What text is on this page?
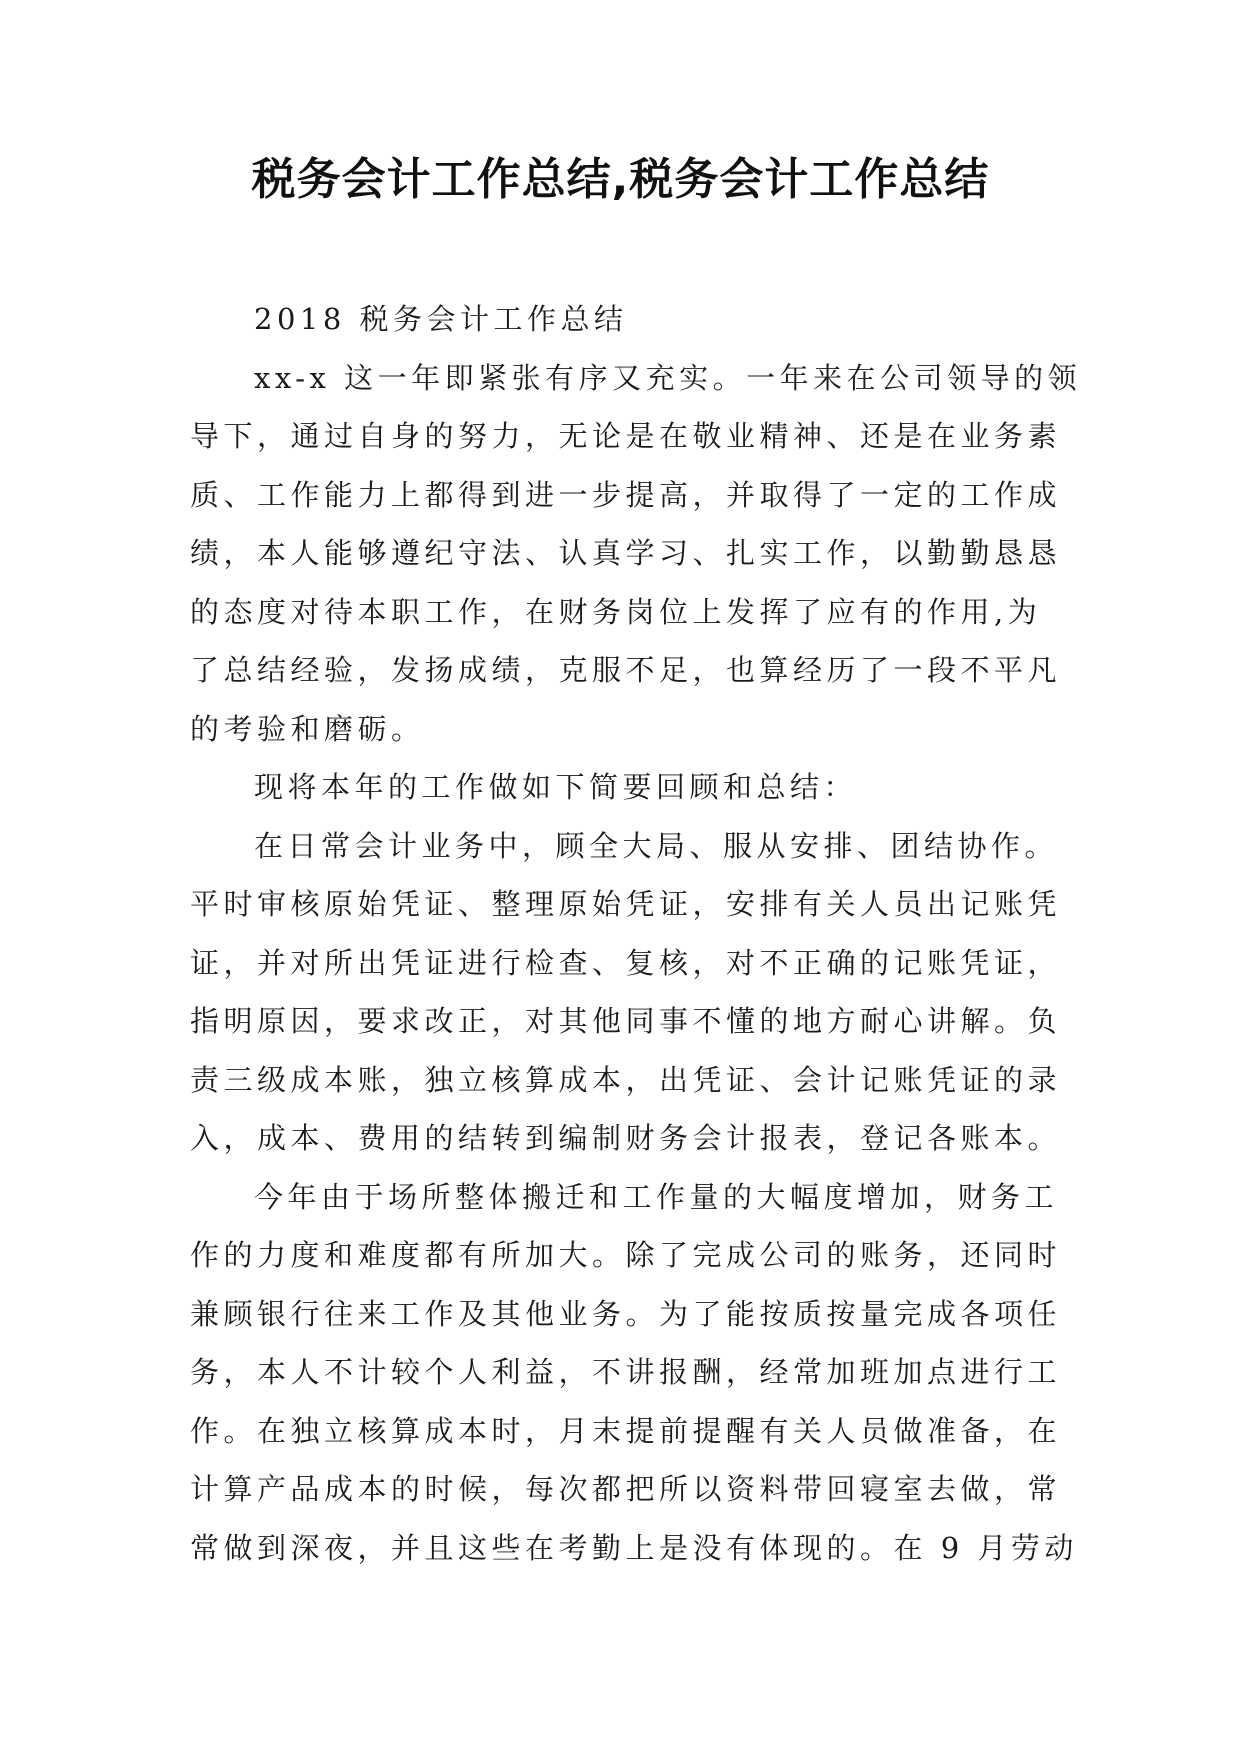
税务会计工作总结,税务会计工作总结
2018 税务会计工作总结
xx-x 这一年即紧张有序又充实。一年来在公司领导的领
导下，通过自身的努力，无论是在敬业精神、还是在业务素
质、工作能力上都得到进一步提高，并取得了一定的工作成
绩，本人能够遵纪守法、认真学习、扎实工作，以勤勤恳恳
的态度对待本职工作，在财务岗位上发挥了应有的作用,为
了总结经验，发扬成绩，克服不足，也算经历了一段不平凡
的考验和磨砺。
现将本年的工作做如下简要回顾和总结：
在日常会计业务中，顾全大局、服从安排、团结协作。
平时审核原始凭证、整理原始凭证，安排有关人员出记账凭
证，并对所出凭证进行检查、复核，对不正确的记账凭证，
指明原因，要求改正，对其他同事不懂的地方耐心讲解。负
责三级成本账，独立核算成本，出凭证、会计记账凭证的录
入，成本、费用的结转到编制财务会计报表，登记各账本。
今年由于场所整体搬迁和工作量的大幅度增加，财务工
作的力度和难度都有所加大。除了完成公司的账务，还同时
兼顾银行往来工作及其他业务。为了能按质按量完成各项任
务，本人不计较个人利益，不讲报酬，经常加班加点进行工
作。在独立核算成本时，月末提前提醒有关人员做准备，在
计算产品成本的时候，每次都把所以资料带回寝室去做，常
常做到深夜，并且这些在考勤上是没有体现的。在 9 月劳动
